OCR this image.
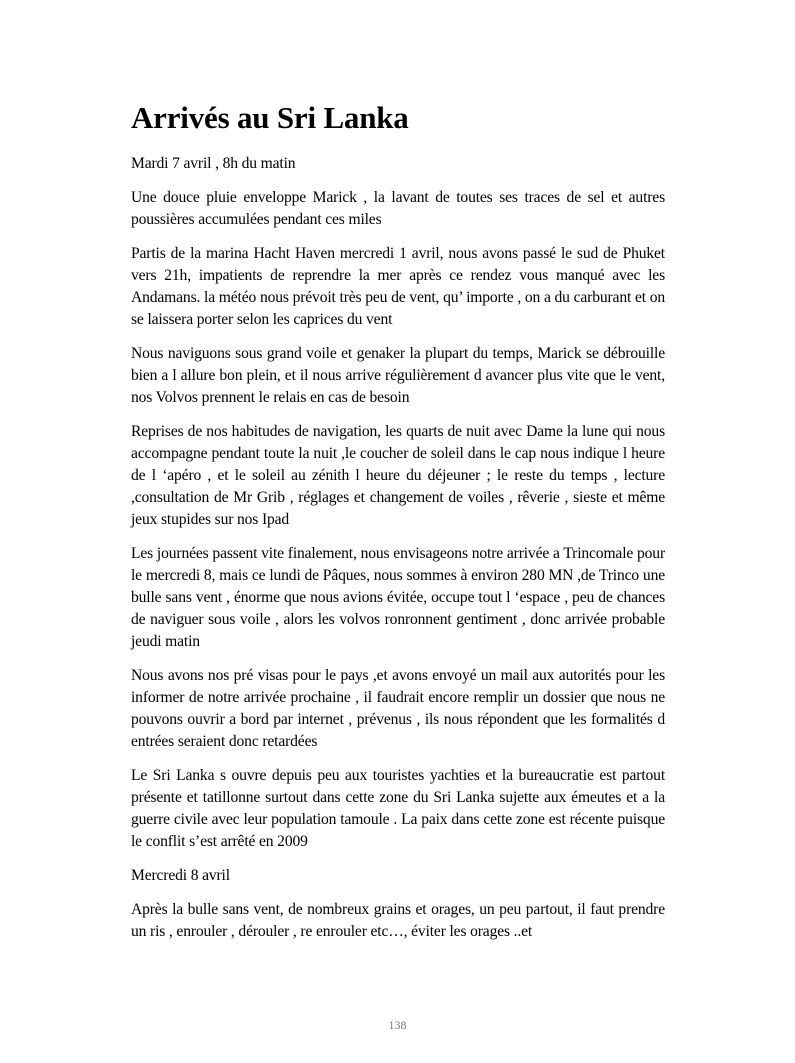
Arrivés au Sri Lanka

Mardi 7 avril , 8h du matin

Une douce pluie enveloppe Marick , la lavant de toutes ses traces de sel et autres poussières accumulées pendant ces miles

Partis de la marina Hacht Haven mercredi 1 avril, nous avons passé le sud de Phuket vers 21h, impatients de reprendre la mer après ce rendez vous manqué avec les Andamans. la météo nous prévoit très peu de vent, qu’ importe , on a du carburant et on se laissera porter selon les caprices du vent

Nous naviguons sous grand voile et genaker la plupart du temps, Marick se débrouille bien a l allure bon plein, et il nous arrive régulièrement d avancer plus vite que le vent, nos Volvos prennent le relais en cas de besoin

Reprises de nos habitudes de navigation, les quarts de nuit avec Dame la lune qui nous accompagne pendant toute la nuit ,le coucher de soleil dans le cap nous indique l heure de l ‘apéro , et le soleil au zénith l heure du déjeuner ; le reste du temps , lecture ,consultation de Mr Grib , réglages et changement de voiles , rêverie , sieste et même jeux stupides sur nos Ipad

Les journées passent vite finalement, nous envisageons notre arrivée a Trincomale pour le mercredi 8, mais ce lundi de Pâques, nous sommes à environ 280 MN ,de Trinco une bulle sans vent , énorme que nous avions évitée, occupe tout l ‘espace , peu de chances de naviguer sous voile , alors les volvos ronronnent gentiment , donc arrivée probable jeudi matin

Nous avons nos pré visas pour le pays ,et avons envoyé un mail aux autorités pour les informer de notre arrivée prochaine , il faudrait encore remplir un dossier que nous ne pouvons ouvrir a bord par internet , prévenus , ils nous répondent que les formalités d entrées seraient donc retardées

Le Sri Lanka s ouvre depuis peu aux touristes yachties et la bureaucratie est partout présente et tatillonne surtout dans cette zone du Sri Lanka sujette aux émeutes et a la guerre civile avec leur population tamoule . La paix dans cette zone est récente puisque le conflit s’est arrêté en 2009

Mercredi 8 avril

Après la bulle sans vent, de nombreux grains et orages, un peu partout, il faut prendre un ris , enrouler , dérouler , re enrouler etc…, éviter les orages ..et

138
